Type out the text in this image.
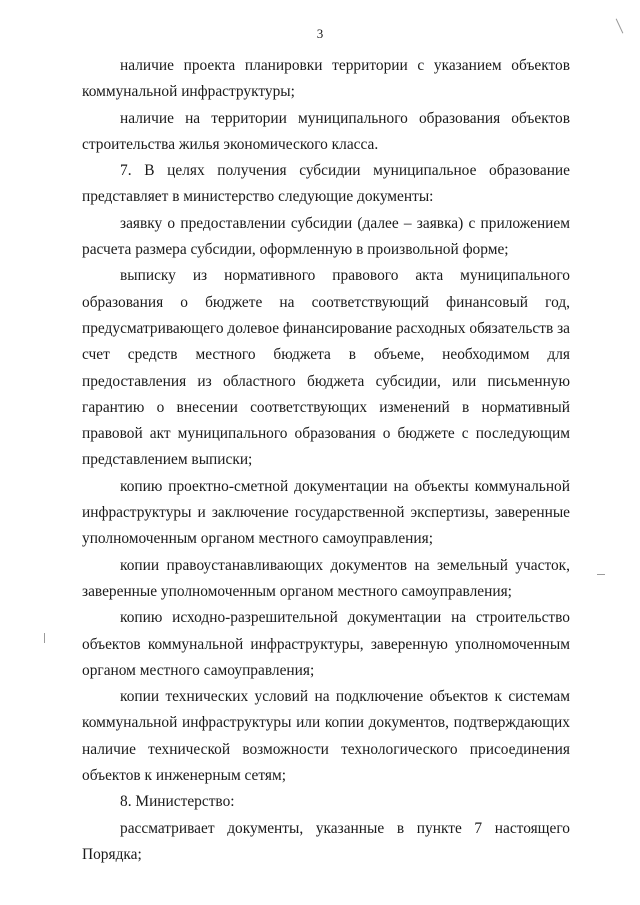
3

наличие проекта планировки территории с указанием объектов коммунальной инфраструктуры;

наличие на территории муниципального образования объектов строительства жилья экономического класса.

7. В целях получения субсидии муниципальное образование представляет в министерство следующие документы:

заявку о предоставлении субсидии (далее – заявка) с приложением расчета размера субсидии, оформленную в произвольной форме;

выписку из нормативного правового акта муниципального образования о бюджете на соответствующий финансовый год, предусматривающего долевое финансирование расходных обязательств за счет средств местного бюджета в объеме, необходимом для предоставления из областного бюджета субсидии, или письменную гарантию о внесении соответствующих изменений в нормативный правовой акт муниципального образования о бюджете с последующим представлением выписки;

копию проектно-сметной документации на объекты коммунальной инфраструктуры и заключение государственной экспертизы, заверенные уполномоченным органом местного самоуправления;

копии правоустанавливающих документов на земельный участок, заверенные уполномоченным органом местного самоуправления;

копию исходно-разрешительной документации на строительство объектов коммунальной инфраструктуры, заверенную уполномоченным органом местного самоуправления;

копии технических условий на подключение объектов к системам коммунальной инфраструктуры или копии документов, подтверждающих наличие технической возможности технологического присоединения объектов к инженерным сетям;

8. Министерство:

рассматривает документы, указанные в пункте 7 настоящего Порядка;
